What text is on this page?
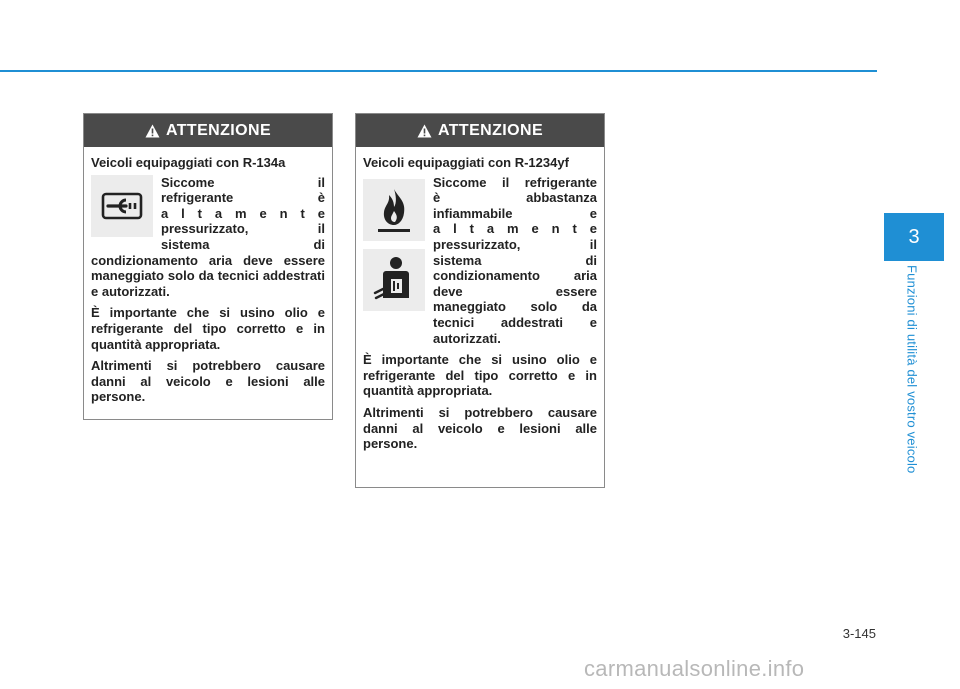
3
Funzioni di utilità del vostro veicolo
ATTENZIONE

Veicoli equipaggiati con R-134a

Siccome il
refrigerante è
a l t a m e n t e
pressurizzato, il
sistema di

condizionamento aria deve essere maneggiato solo da tecnici addestrati e autorizzati.

È importante che si usino olio e refrigerante del tipo corretto e in quantità appropriata.

Altrimenti si potrebbero causare danni al veicolo e lesioni alle persone.

ATTENZIONE

Veicoli equipaggiati con R-1234yf

Siccome il refrigerante
è abbastanza
infiammabile e
a l t a m e n t e
pressurizzato, il
sistema di
condizionamento aria
deve essere
maneggiato solo da
tecnici addestrati e
autorizzati.

È importante che si usino olio e refrigerante del tipo corretto e in quantità appropriata.

Altrimenti si potrebbero causare danni al veicolo e lesioni alle persone.

3-145
carmanualsonline.info
